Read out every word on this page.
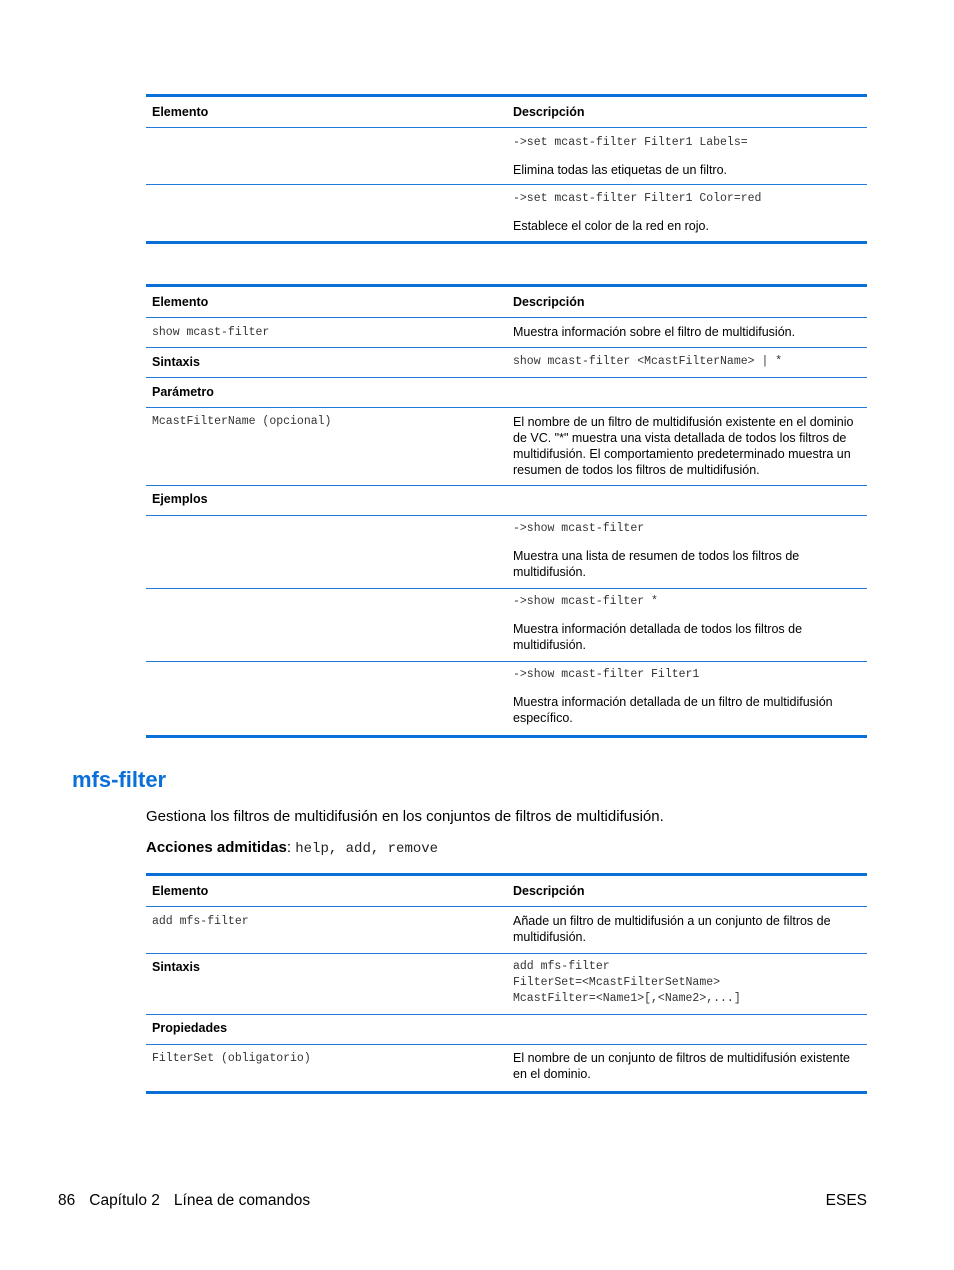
Elemento	Descripción
->set mcast-filter Filter1 Labels=
Elimina todas las etiquetas de un filtro.
->set mcast-filter Filter1 Color=red
Establece el color de la red en rojo.
Elemento	Descripción
show mcast-filter	Muestra información sobre el filtro de multidifusión.
Sintaxis	show mcast-filter <McastFilterName> | *
Parámetro
McastFilterName (opcional)	El nombre de un filtro de multidifusión existente en el dominio de VC. "*" muestra una vista detallada de todos los filtros de multidifusión. El comportamiento predeterminado muestra un resumen de todos los filtros de multidifusión.
Ejemplos
->show mcast-filter
Muestra una lista de resumen de todos los filtros de multidifusión.
->show mcast-filter *
Muestra información detallada de todos los filtros de multidifusión.
->show mcast-filter Filter1
Muestra información detallada de un filtro de multidifusión específico.
mfs-filter
Gestiona los filtros de multidifusión en los conjuntos de filtros de multidifusión.
Acciones admitidas: help, add, remove
Elemento	Descripción
add mfs-filter	Añade un filtro de multidifusión a un conjunto de filtros de multidifusión.
Sintaxis	add mfs-filter
FilterSet=<McastFilterSetName>
McastFilter=<Name1>[,<Name2>,...]
Propiedades
FilterSet (obligatorio)	El nombre de un conjunto de filtros de multidifusión existente en el dominio.
86 Capítulo 2 Línea de comandos	ESES
